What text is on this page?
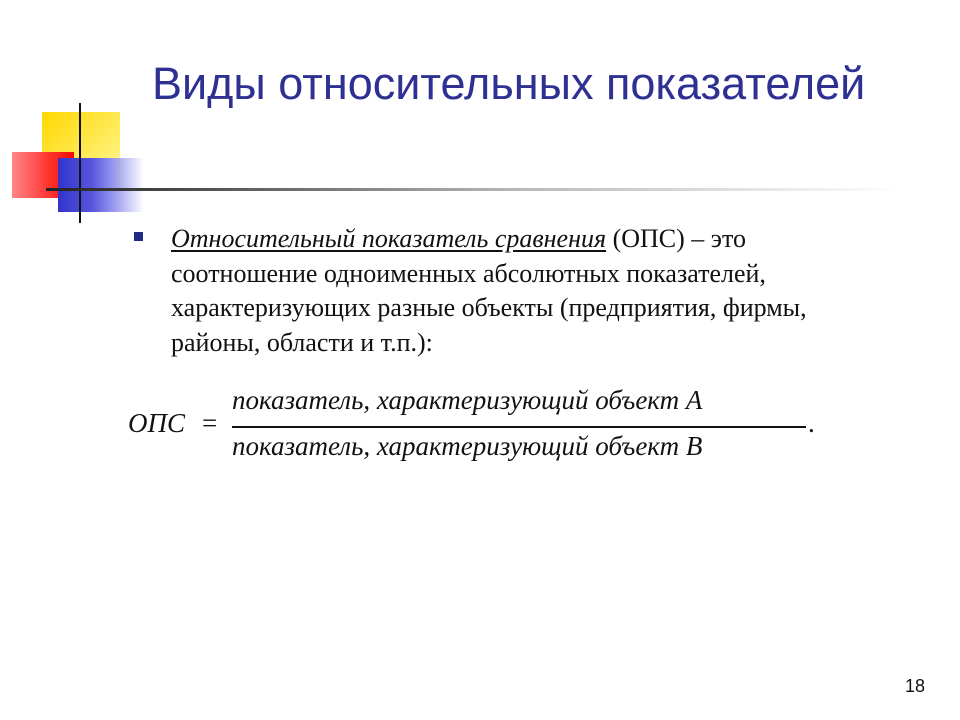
Виды относительных показателей
Относительный показатель сравнения (ОПС) – это соотношение одноименных абсолютных показателей, характеризующих разные объекты (предприятия, фирмы, районы, области и т.п.):
ОПС =
показатель, характеризующий объект A
показатель, характеризующий объект B
.
18
